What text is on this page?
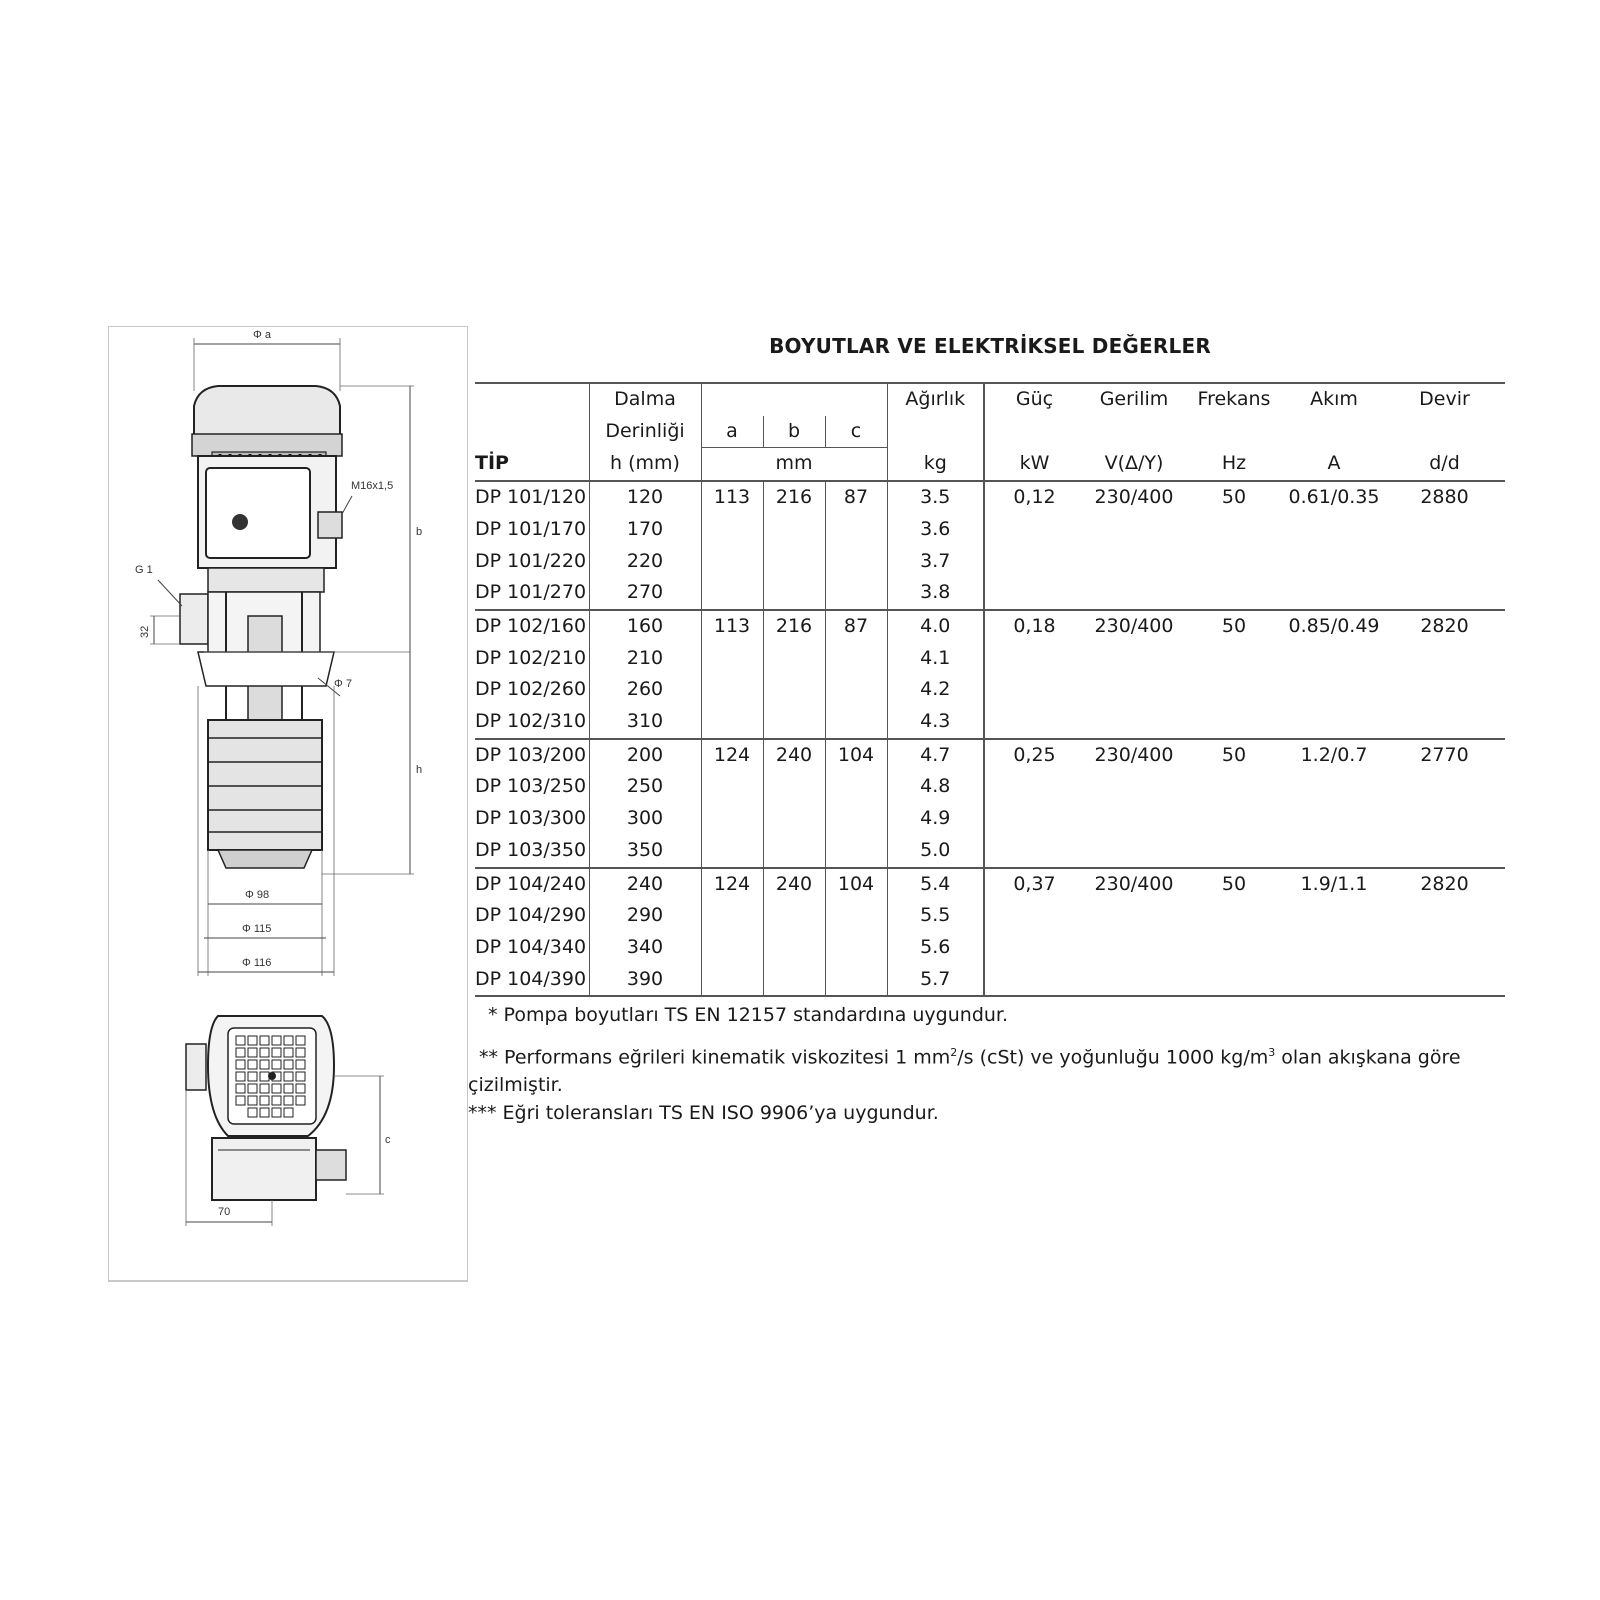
Φ a
M16x1,5
b
G 1
32
Φ 7
h
Φ 98
Φ 115
Φ 116
c
70
BOYUTLAR VE ELEKTRİKSEL DEĞERLER
	Dalma				Ağırlık	Güç	Gerilim	Frekans	Akım	Devir
	Derinliği	a	b	c						
TİP	h (mm)	mm			kg	kW	V(Δ/Y)	Hz	A	d/d
DP 101/120	120	113	216	87	3.5	0,12	230/400	50	0.61/0.35	2880
DP 101/170	170				3.6					
DP 101/220	220				3.7					
DP 101/270	270				3.8					
DP 102/160	160	113	216	87	4.0	0,18	230/400	50	0.85/0.49	2820
DP 102/210	210				4.1					
DP 102/260	260				4.2					
DP 102/310	310				4.3					
DP 103/200	200	124	240	104	4.7	0,25	230/400	50	1.2/0.7	2770
DP 103/250	250				4.8					
DP 103/300	300				4.9					
DP 103/350	350				5.0					
DP 104/240	240	124	240	104	5.4	0,37	230/400	50	1.9/1.1	2820
DP 104/290	290				5.5					
DP 104/340	340				5.6					
DP 104/390	390				5.7					
* Pompa boyutları TS EN 12157 standardına uygundur.
** Performans eğrileri kinematik viskozitesi 1 $mm^2/s$ (cSt) ve yoğunluğu 1000 $kg/m^3$ olan akışkana göre
çizilmiştir.
*** Eğri toleransları TS EN ISO 9906’ya uygundur.
